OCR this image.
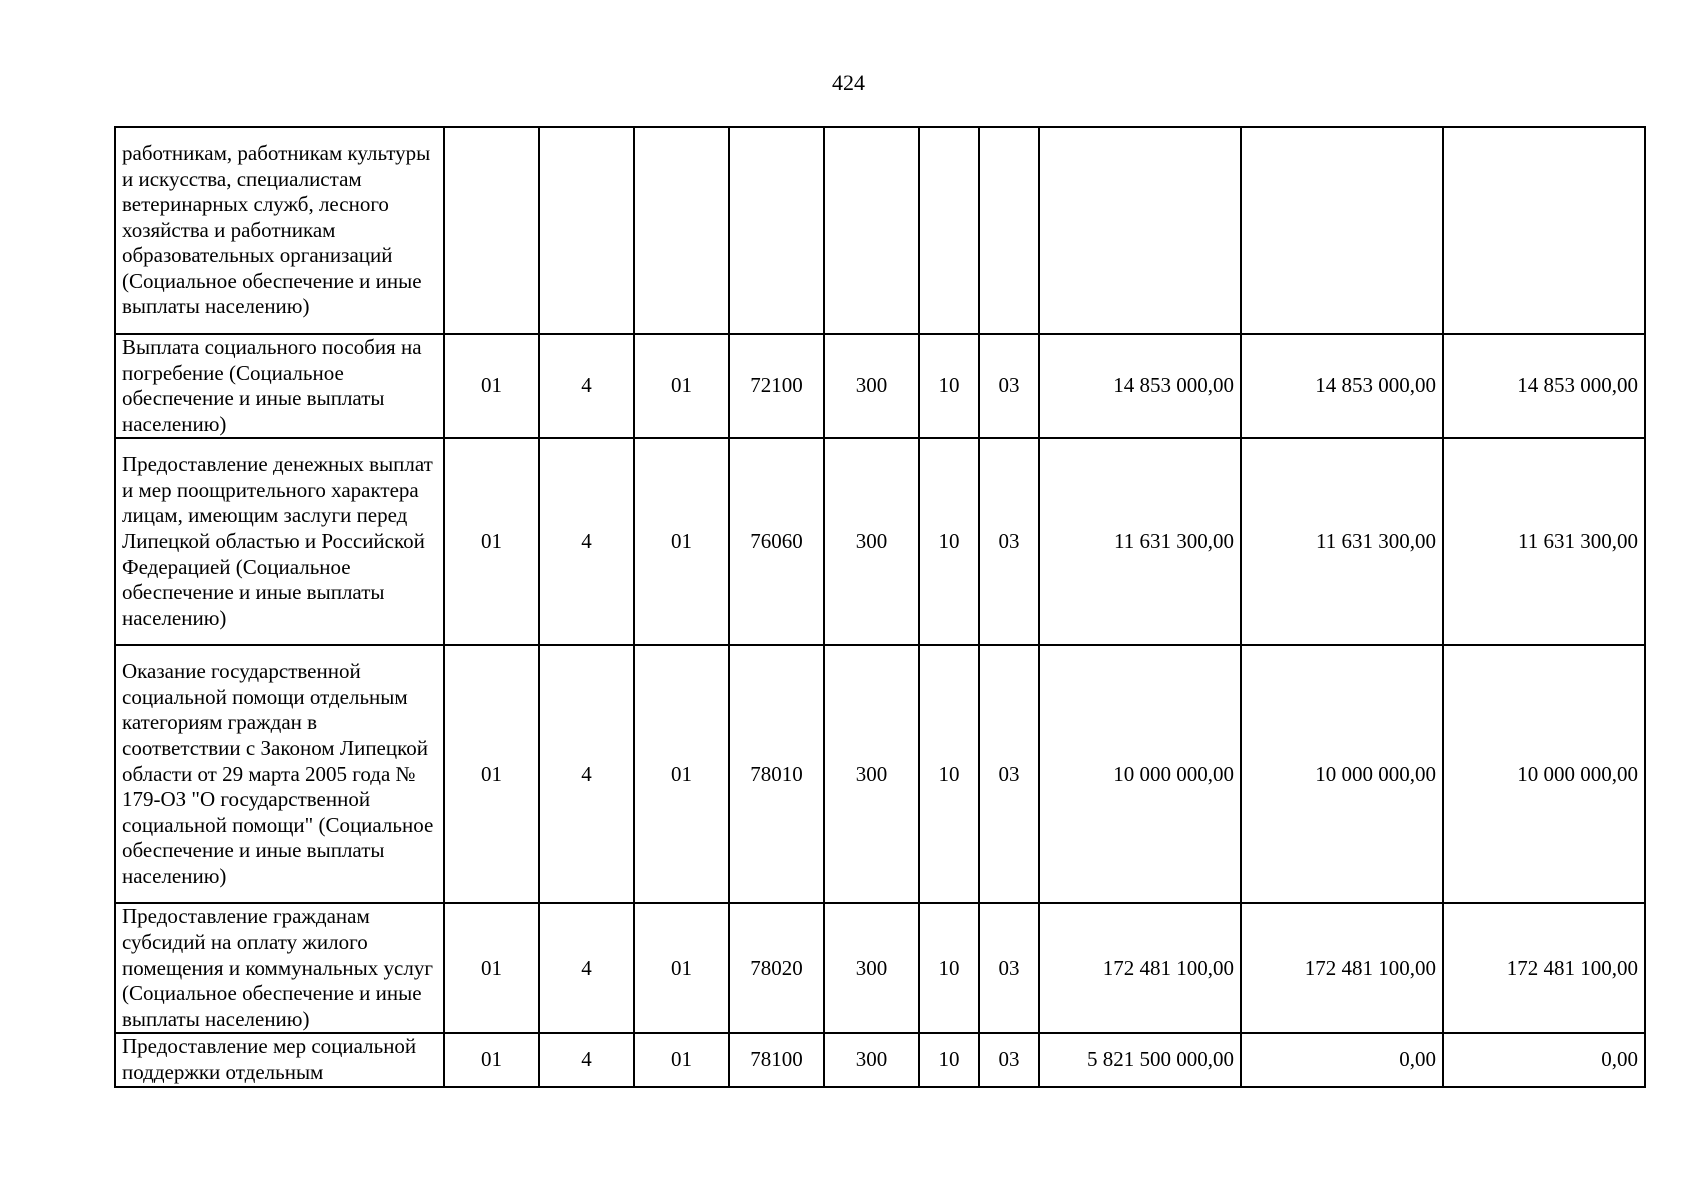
424
работникам, работникам культуры и искусства, специалистам ветеринарных служб, лесного хозяйства и работникам образовательных организаций (Социальное обеспечение и иные выплаты населению)										
Выплата социального пособия на погребение (Социальное обеспечение и иные выплаты населению)	01	4	01	72100	300	10	03	14 853 000,00	14 853 000,00	14 853 000,00
Предоставление денежных выплат и мер поощрительного характера лицам, имеющим заслуги перед Липецкой областью и Российской Федерацией (Социальное обеспечение и иные выплаты населению)	01	4	01	76060	300	10	03	11 631 300,00	11 631 300,00	11 631 300,00
Оказание государственной социальной помощи отдельным категориям граждан в соответствии с Законом Липецкой области от 29 марта 2005 года № 179-ОЗ "О государственной социальной помощи" (Социальное обеспечение и иные выплаты населению)	01	4	01	78010	300	10	03	10 000 000,00	10 000 000,00	10 000 000,00
Предоставление гражданам субсидий на оплату жилого помещения и коммунальных услуг (Социальное обеспечение и иные выплаты населению)	01	4	01	78020	300	10	03	172 481 100,00	172 481 100,00	172 481 100,00
Предоставление мер социальной поддержки отдельным	01	4	01	78100	300	10	03	5 821 500 000,00	0,00	0,00
